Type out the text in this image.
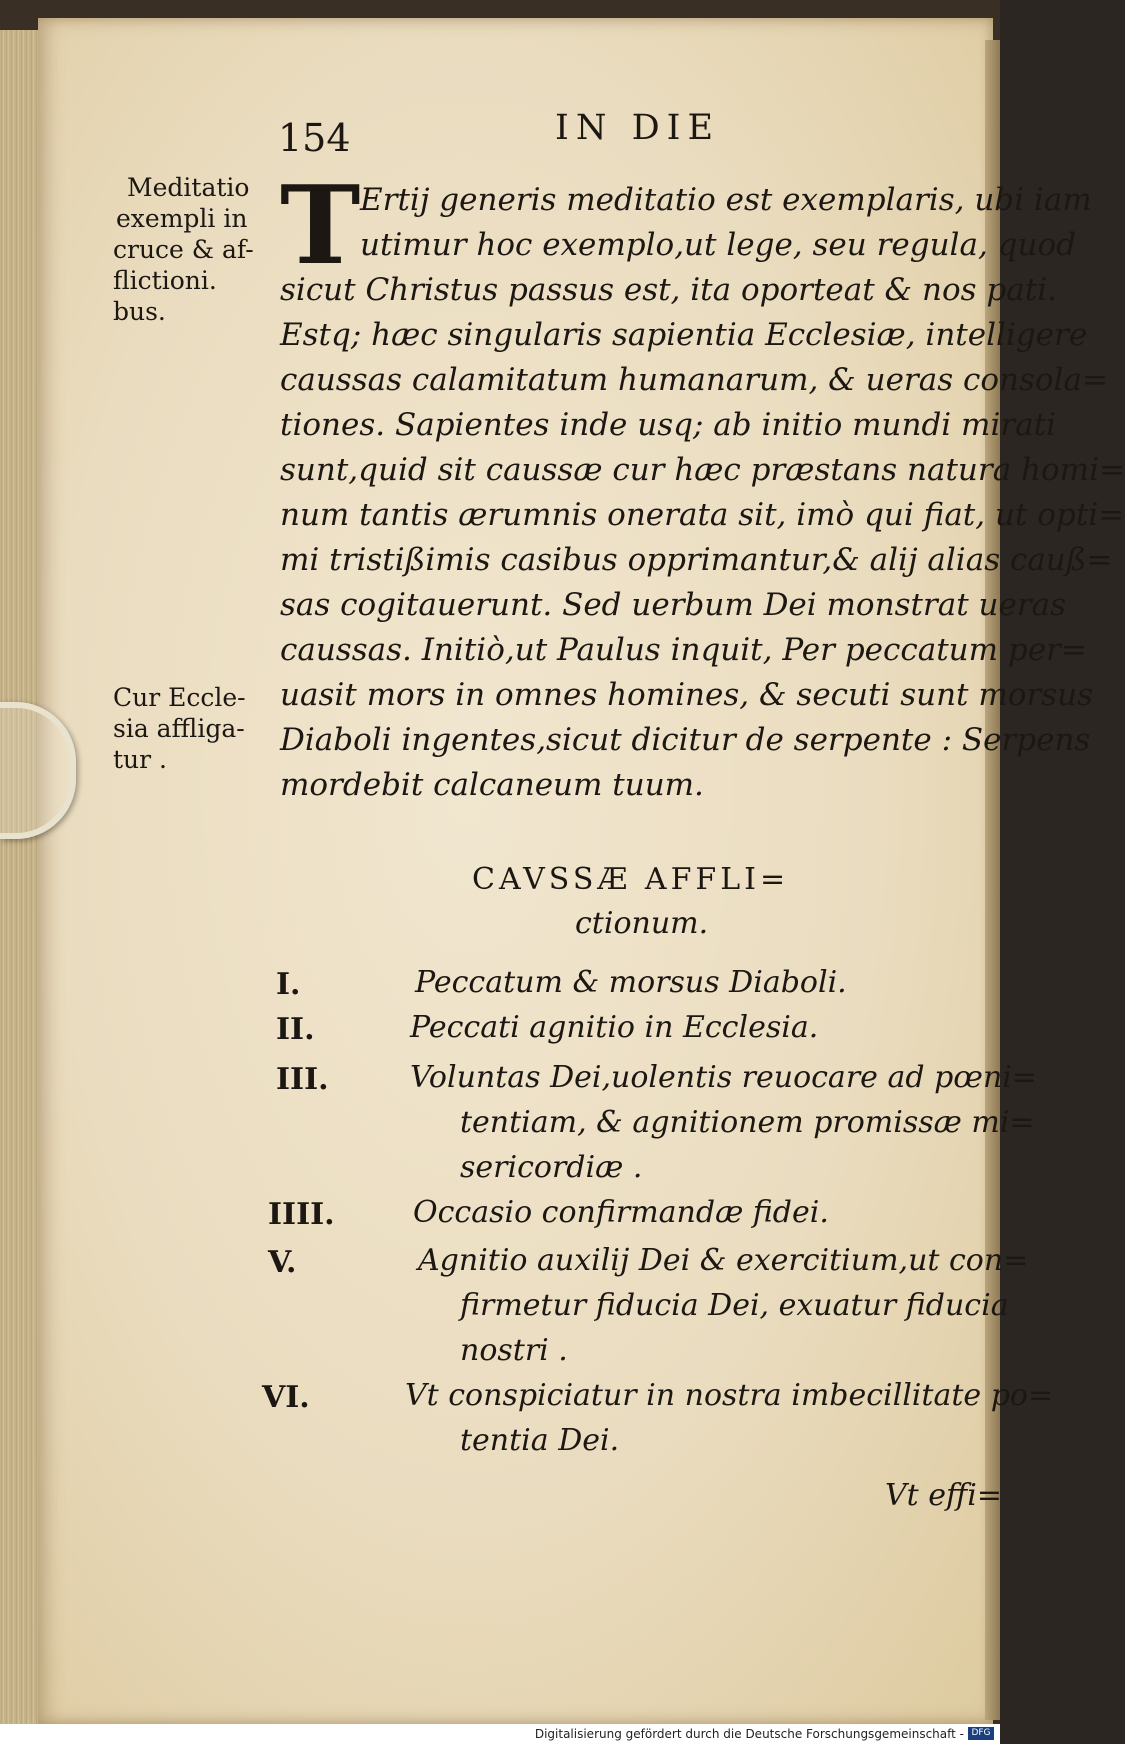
154	IN DIE
T
Meditatio
exempli in
cruce & af-
flictioni.
bus.
Cur Eccle-
sia affliga-
tur .
Ertij generis meditatio est exemplaris, ubi iam
utimur hoc exemplo,ut lege, seu regula, quod
sicut Christus passus est, ita oporteat & nos pati.
Estq; hæc singularis sapientia Ecclesiæ, intelligere
caussas calamitatum humanarum, & ueras consola=
tiones. Sapientes inde usq; ab initio mundi mirati
sunt,quid sit caussæ cur hæc præstans natura homi=
num tantis ærumnis onerata sit, imò qui fiat, ut opti=
mi tristißimis casibus opprimantur,& alij alias cauß=
sas cogitauerunt. Sed uerbum Dei monstrat ueras
caussas. Initiò,ut Paulus inquit, Per peccatum per=
uasit mors in omnes homines, & secuti sunt morsus
Diaboli ingentes,sicut dicitur de serpente : Serpens
mordebit calcaneum tuum.
CAVSSÆ AFFLI=
ctionum.
I.	Peccatum & morsus Diaboli.
II.	Peccati agnitio in Ecclesia.
III.	Voluntas Dei,uolentis reuocare ad pœni=
tentiam, & agnitionem promissæ mi=
sericordiæ .
IIII.	Occasio confirmandæ fidei.
V.	Agnitio auxilij Dei & exercitium,ut con=
firmetur fiducia Dei, exuatur fiducia
nostri .
VI.	Vt conspiciatur in nostra imbecillitate po=
tentia Dei.
Vt effi=
Digitalisierung gefördert durch die Deutsche Forschungsgemeinschaft - DFG
